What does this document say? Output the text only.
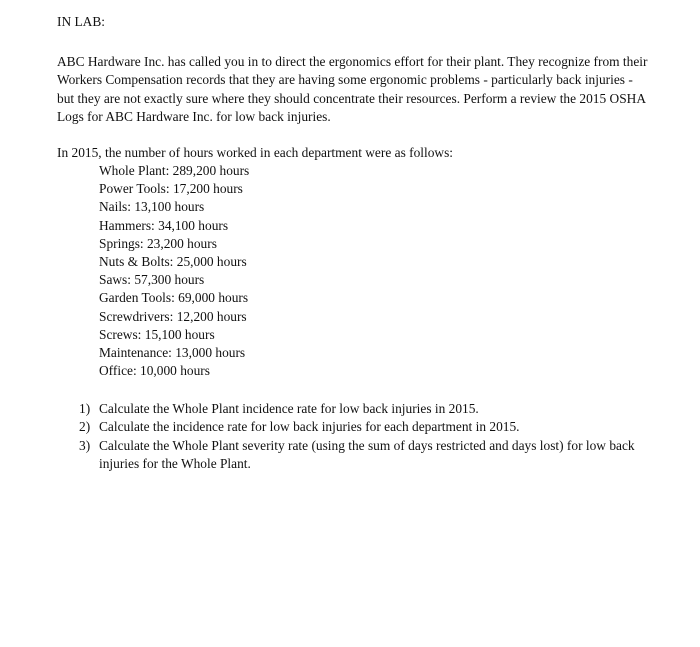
IN LAB:

ABC Hardware Inc. has called you in to direct the ergonomics effort for their plant. They recognize from their Workers Compensation records that they are having some ergonomic problems - particularly back injuries - but they are not exactly sure where they should concentrate their resources. Perform a review the 2015 OSHA Logs for ABC Hardware Inc. for low back injuries.

In 2015, the number of hours worked in each department were as follows:
Whole Plant: 289,200 hours
Power Tools: 17,200 hours
Nails: 13,100 hours
Hammers: 34,100 hours
Springs: 23,200 hours
Nuts & Bolts: 25,000 hours
Saws: 57,300 hours
Garden Tools: 69,000 hours
Screwdrivers: 12,200 hours
Screws: 15,100 hours
Maintenance: 13,000 hours
Office: 10,000 hours
1) Calculate the Whole Plant incidence rate for low back injuries in 2015.
2) Calculate the incidence rate for low back injuries for each department in 2015.
3) Calculate the Whole Plant severity rate (using the sum of days restricted and days lost) for low back injuries for the Whole Plant.
